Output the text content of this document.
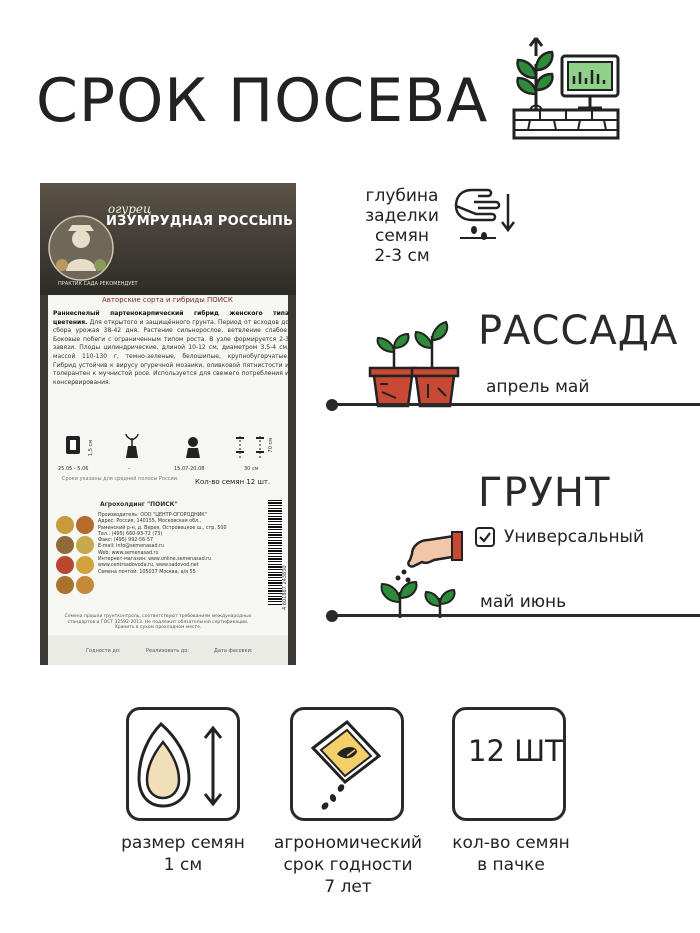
СРОК ПОСЕВА
ПРАКТИК САДА РЕКОМЕНДУЕТ
огурец
ИЗУМРУДНАЯ РОССЫПЬ F1
Авторские сорта и гибриды ПОИСК
Раннеспелый партенокарпический гибрид женского типа цветения. Для открытого и защищённого грунта. Период от всходов до сбора урожая 38-42 дня. Растение сильнорослое, ветвление слабое. Боковые побеги с ограниченным типом роста. В узле формируется 2-3 завязи. Плоды цилиндрические, длиной 10-12 см, диаметром 3,5-4 см, массой 110-130 г, темно-зеленые, белошипые, крупнобугорчатые. Гибрид устойчив к вирусу огуречной мозаики, оливковой пятнистости и толерантен к мучнистой росе. Используется для свежего потребления и консервирования.
25.05 - 5.06
1,5 см
–	15.07-20.08	30 см
70 см
Сроки указаны для средней полосы России. Кол-во семян 12 шт.
Агрохолдинг "ПОИСК"
Производитель: ООО "ЦЕНТР-ОГОРОДНИК"
Адрес: Россия, 140155, Московская обл.,
Раменский р-н, д. Верея, Островецкое ш., стр. 500
Тел.: (495) 660-93-72 (73)
Факс: (495) 992-56-57
E-mail: info@semenasad.ru
Web: www.semenasad.ru
Интернет-магазин: www.online.semenasad.ru
www.centrsadovoda.ru, www.sadovod.net
Семена почтой: 105037 Москва, а/я 55	4 601887 243830
Семена прошли грунтконтроль, соответствуют требованиям международных стандартов и ГОСТ 32592-2013. Не подлежит обязательной сертификации. Хранить в сухом прохладном месте.
Годности до:	Реализовать до:	Дата фасовки:
глубина
заделки
семян
2-3 см
РАССАДА
апрель май
ГРУНТ
Универсальный
май июнь
12 ШТ
размер семян
1 см
агрономический
срок годности
7 лет
кол-во семян
в пачке
